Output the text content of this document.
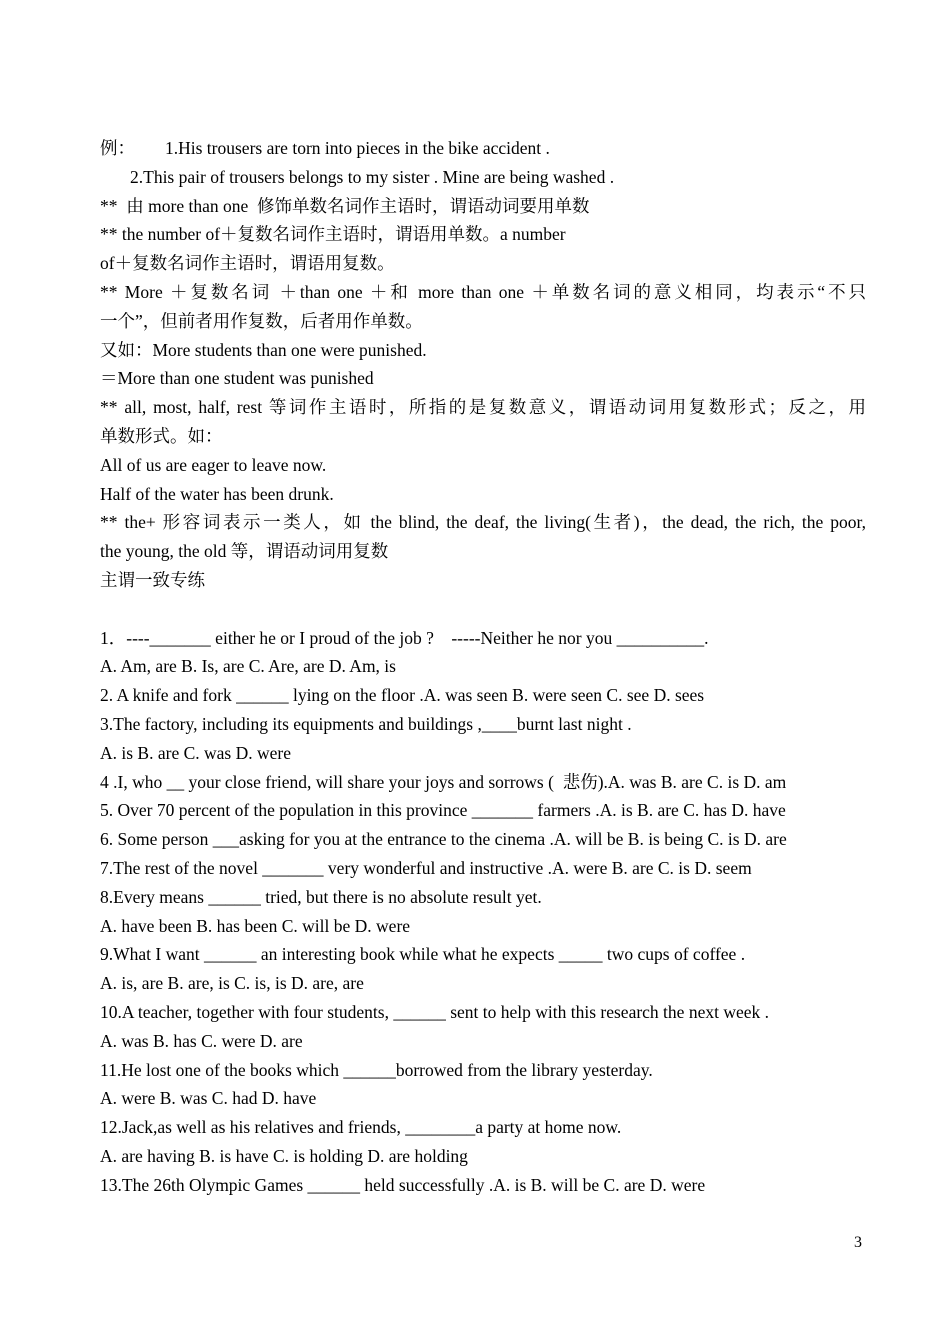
例： 1.His trousers are torn into pieces in the bike accident .
2.This pair of trousers belongs to my sister . Mine are being washed .
**  由 more than one  修饰单数名词作主语时，谓语动词要用单数
** the number of＋复数名词作主语时，谓语用单数。a number
of＋复数名词作主语时，谓语用复数。
** More ＋复数名词 ＋than one ＋和 more than one ＋单数名词的意义相同，均表示“不只
一个”，但前者用作复数，后者用作单数。
又如：More students than one were punished.
＝More than one student was punished
** all, most, half, rest 等词作主语时，所指的是复数意义，谓语动词用复数形式；反之，用
单数形式。如：
All of us are eager to leave now.
Half of the water has been drunk.
** the+ 形容词表示一类人，如 the blind, the deaf, the living(生者)，the dead, the rich, the poor,
the young, the old 等，谓语动词用复数
主谓一致专练
1．----_______ either he or I proud of the job ?    -----Neither he nor you __________.
A. Am, are B. Is, are C. Are, are D. Am, is
2. A knife and fork ______ lying on the floor .A. was seen B. were seen C. see D. sees
3.The factory, including its equipments and buildings ,____burnt last night .
A. is B. are C. was D. were
4 .I, who __ your close friend, will share your joys and sorrows (  悲伤).A. was B. are C. is D. am
5. Over 70 percent of the population in this province _______ farmers .A. is B. are C. has D. have
6. Some person ___asking for you at the entrance to the cinema .A. will be B. is being C. is D. are
7.The rest of the novel _______ very wonderful and instructive .A. were B. are C. is D. seem
8.Every means ______ tried, but there is no absolute result yet.
A. have been B. has been C. will be D. were
9.What I want ______ an interesting book while what he expects _____ two cups of coffee .
A. is, are B. are, is C. is, is D. are, are
10.A teacher, together with four students, ______ sent to help with this research the next week .
A. was B. has C. were D. are
11.He lost one of the books which ______borrowed from the library yesterday.
A. were B. was C. had D. have
12.Jack,as well as his relatives and friends, ________a party at home now.
A. are having B. is have C. is holding D. are holding
13.The 26th Olympic Games ______ held successfully .A. is B. will be C. are D. were
3
